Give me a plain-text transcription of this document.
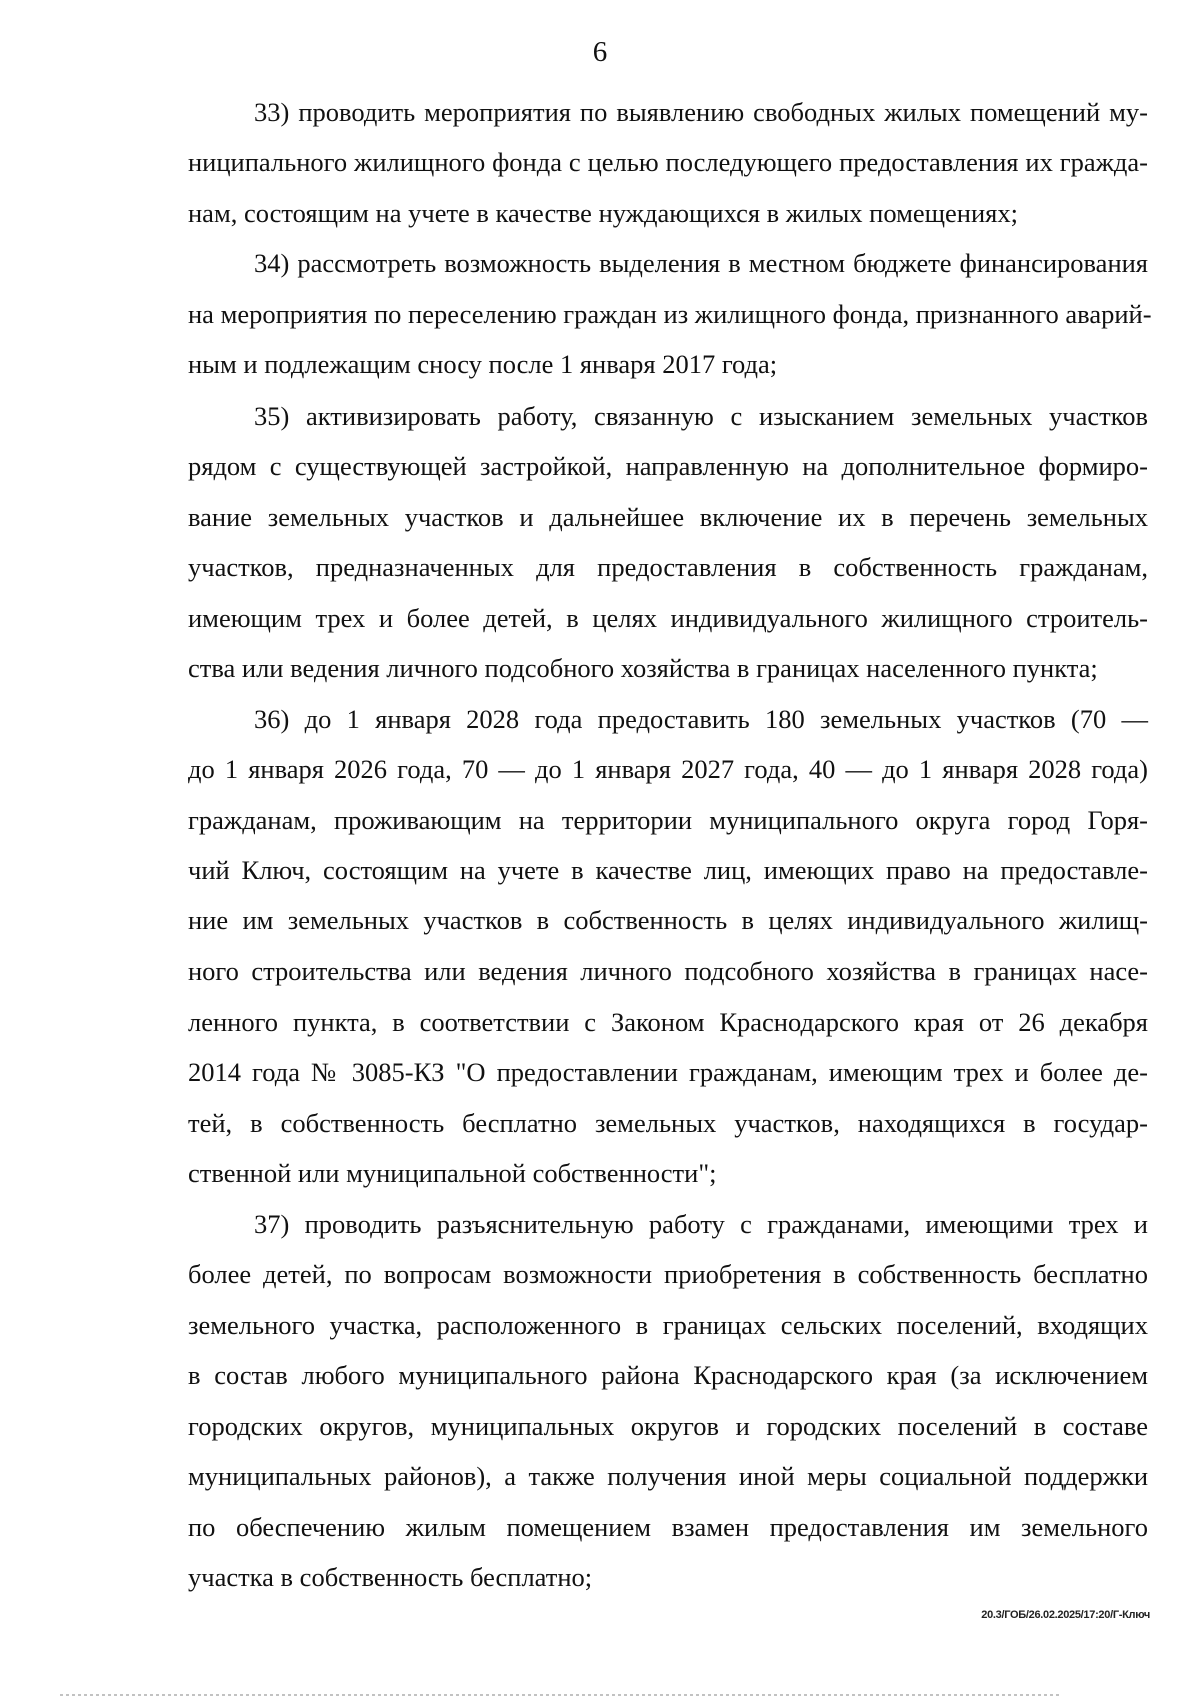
6
33) проводить мероприятия по выявлению свободных жилых помещений му-
ниципального жилищного фонда с целью последующего предоставления их гражда-
нам, состоящим на учете в качестве нуждающихся в жилых помещениях;
34) рассмотреть возможность выделения в местном бюджете финансирования
на мероприятия по переселению граждан из жилищного фонда, признанного аварий-
ным и подлежащим сносу после 1 января 2017 года;
35) активизировать работу, связанную с изысканием земельных участков
рядом с существующей застройкой, направленную на дополнительное формиро-
вание земельных участков и дальнейшее включение их в перечень земельных
участков, предназначенных для предоставления в собственность гражданам,
имеющим трех и более детей, в целях индивидуального жилищного строитель-
ства или ведения личного подсобного хозяйства в границах населенного пункта;
36) до 1 января 2028 года предоставить 180 земельных участков (70 —
до 1 января 2026 года, 70 — до 1 января 2027 года, 40 — до 1 января 2028 года)
гражданам, проживающим на территории муниципального округа город Горя-
чий Ключ, состоящим на учете в качестве лиц, имеющих право на предоставле-
ние им земельных участков в собственность в целях индивидуального жилищ-
ного строительства или ведения личного подсобного хозяйства в границах насе-
ленного пункта, в соответствии с Законом Краснодарского края от 26 декабря
2014 года № 3085-КЗ "О предоставлении гражданам, имеющим трех и более де-
тей, в собственность бесплатно земельных участков, находящихся в государ-
ственной или муниципальной собственности";
37) проводить разъяснительную работу с гражданами, имеющими трех и
более детей, по вопросам возможности приобретения в собственность бесплатно
земельного участка, расположенного в границах сельских поселений, входящих
в состав любого муниципального района Краснодарского края (за исключением
городских округов, муниципальных округов и городских поселений в составе
муниципальных районов), а также получения иной меры социальной поддержки
по обеспечению жилым помещением взамен предоставления им земельного
участка в собственность бесплатно;
20.3/ГОБ/26.02.2025/17:20/Г-Ключ
